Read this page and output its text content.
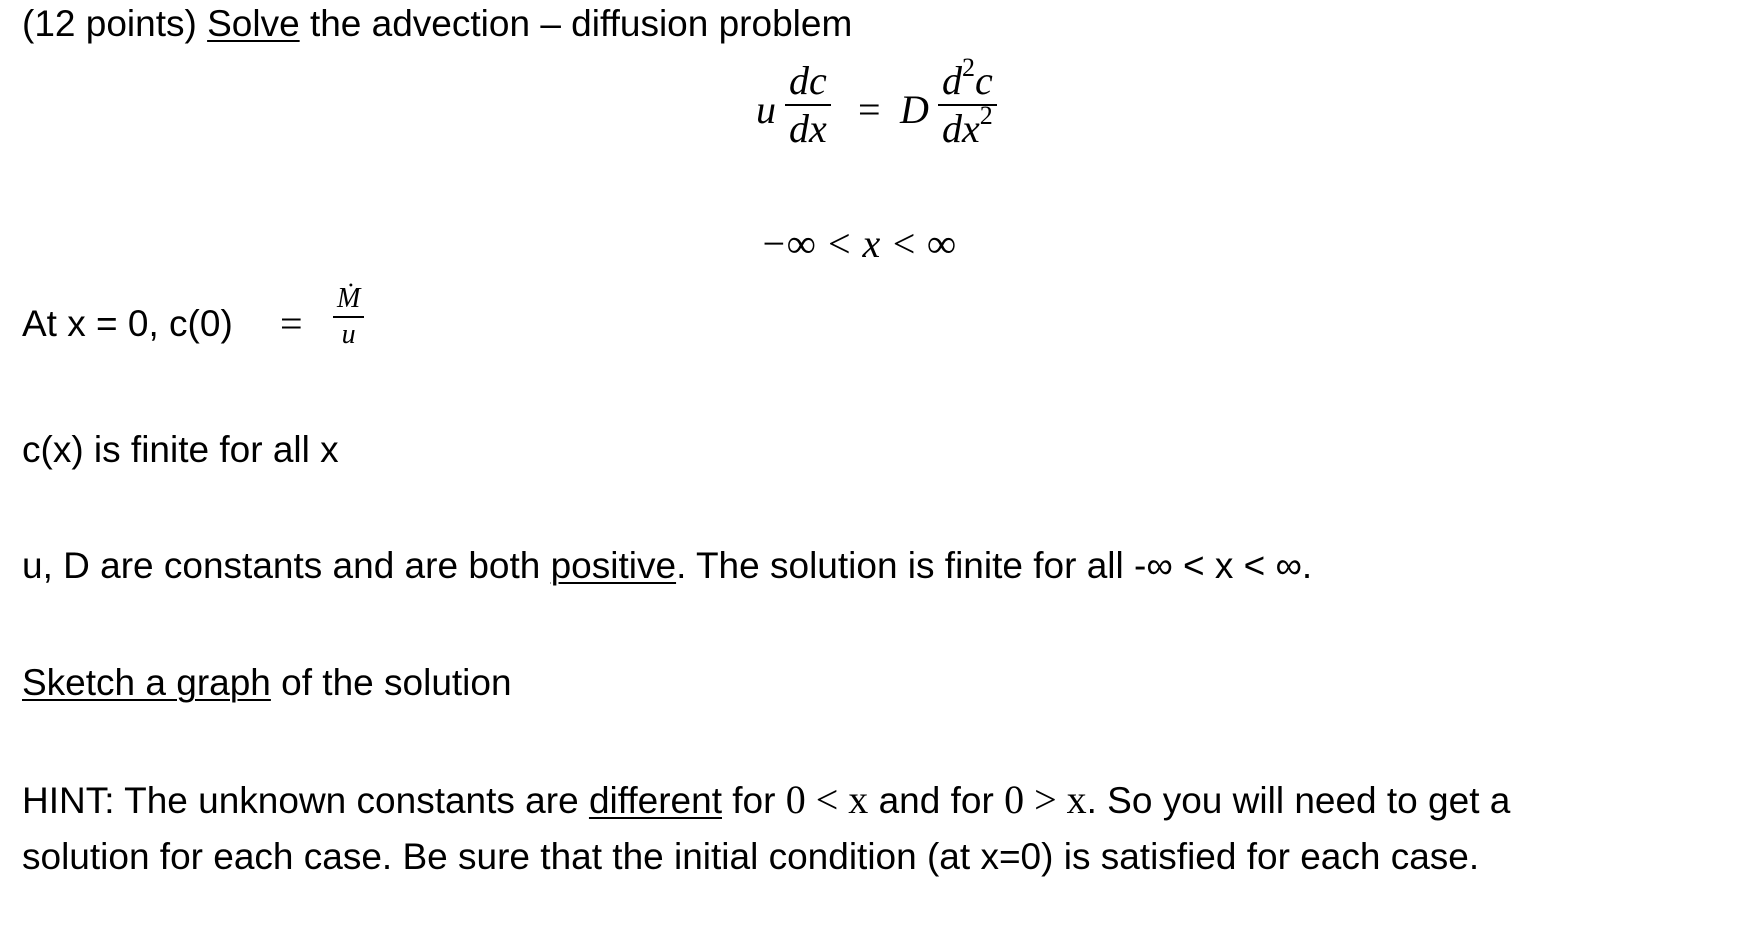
(12 points) Solve the advection – diffusion problem
u
dc
dx = D
$d^2c$
$dx^2$
−∞ < x < ∞
At x = 0, c(0) =
Ṁ
u
c(x) is finite for all x
u, D are constants and are both positive. The solution is finite for all -∞ < x < ∞.
Sketch a graph of the solution
HINT: The unknown constants are different for 0 < x and for 0 > x. So you will need to get a
solution for each case. Be sure that the initial condition (at x=0) is satisfied for each case.
